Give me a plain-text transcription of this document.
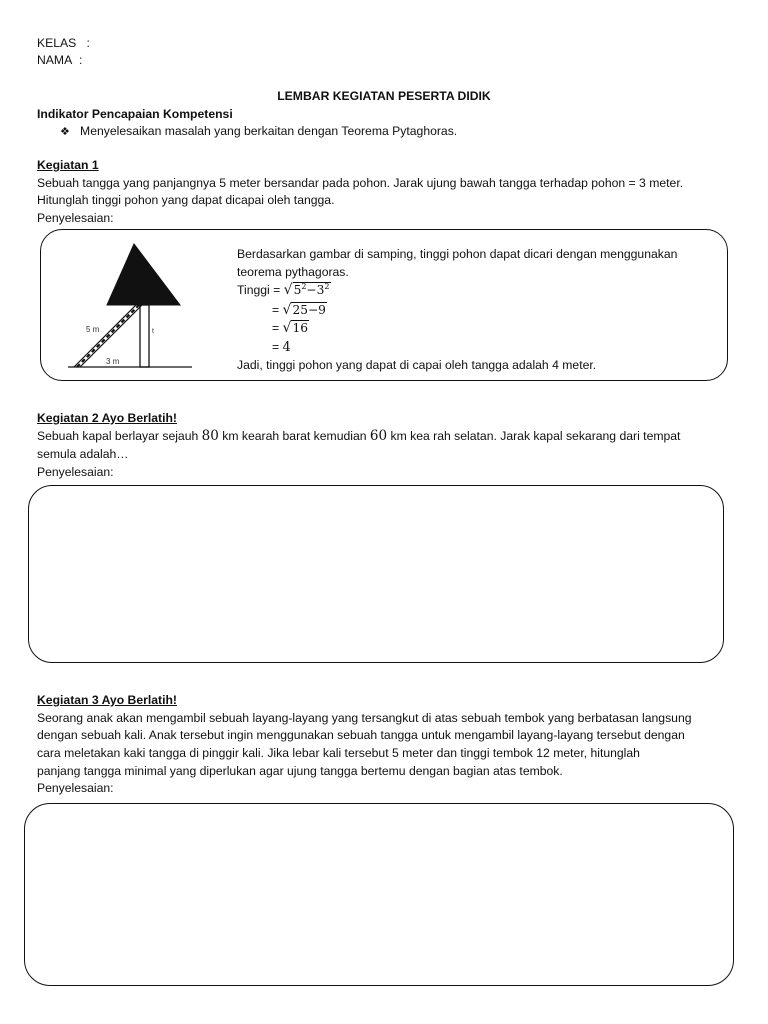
KELAS :
NAMA :
LEMBAR KEGIATAN PESERTA DIDIK
Indikator Pencapaian Kompetensi
❖ Menyelesaikan masalah yang berkaitan dengan Teorema Pytaghoras.
Kegiatan 1
Sebuah tangga yang panjangnya 5 meter bersandar pada pohon. Jarak ujung bawah tangga terhadap pohon = 3 meter.
Hitunglah tinggi pohon yang dapat dicapai oleh tangga.
Penyelesaian:
5 m	t
3 m
Berdasarkan gambar di samping, tinggi pohon dapat dicari dengan menggunakan
teorema pythagoras.
Tinggi = $√5^2-3^2$
= √25−9
= √16
= 4
Jadi, tinggi pohon yang dapat di capai oleh tangga adalah 4 meter.
Kegiatan 2 Ayo Berlatih!
Sebuah kapal berlayar sejauh 80 km kearah barat kemudian 60 km kea rah selatan. Jarak kapal sekarang dari tempat
semula adalah…
Penyelesaian:
Kegiatan 3 Ayo Berlatih!
Seorang anak akan mengambil sebuah layang-layang yang tersangkut di atas sebuah tembok yang berbatasan langsung
dengan sebuah kali. Anak tersebut ingin menggunakan sebuah tangga untuk mengambil layang-layang tersebut dengan
cara meletakan kaki tangga di pinggir kali. Jika lebar kali tersebut 5 meter dan tinggi tembok 12 meter, hitunglah
panjang tangga minimal yang diperlukan agar ujung tangga bertemu dengan bagian atas tembok.
Penyelesaian:
